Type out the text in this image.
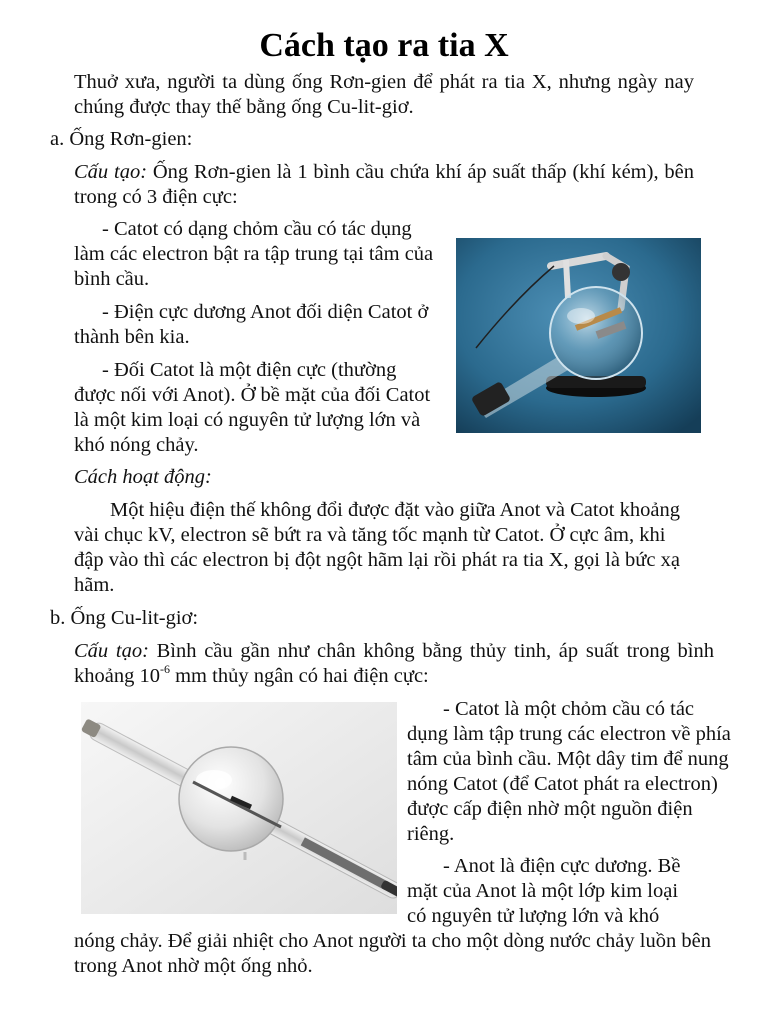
Cách tạo ra tia X

Thuở xưa, người ta dùng ống Rơn-gien để phát ra tia X, nhưng ngày nay chúng được thay thế bằng ống Cu-lit-giơ.

a. Ống Rơn-gien:

Cấu tạo: Ống Rơn-gien là 1 bình cầu chứa khí áp suất thấp (khí kém), bên trong có 3 điện cực:

- Catot có dạng chỏm cầu có tác dụng làm các electron bật ra tập trung tại tâm của bình cầu.

- Điện cực dương Anot đối diện Catot ở thành bên kia.

- Đối Catot là một điện cực (thường được nối với Anot). Ở bề mặt của đối Catot là một kim loại có nguyên tử lượng lớn và khó nóng chảy.

Cách hoạt động:

Một hiệu điện thế không đổi được đặt vào giữa Anot và Catot khoảng vài chục kV, electron sẽ bứt ra và tăng tốc mạnh từ Catot. Ở cực âm, khi đập vào thì các electron bị đột ngột hãm lại rồi phát ra tia X, gọi là bức xạ hãm.

b. Ống Cu-lit-giơ:

Cấu tạo: Bình cầu gần như chân không bằng thủy tinh, áp suất trong bình khoảng $10^{-6}$ mm thủy ngân có hai điện cực:

- Catot là một chỏm cầu có tác dụng làm tập trung các electron về phía tâm của bình cầu. Một dây tim để nung nóng Catot (để Catot phát ra electron) được cấp điện nhờ một nguồn điện riêng.

- Anot là điện cực dương. Bề
mặt của Anot là một lớp kim loại
có nguyên tử lượng lớn và khó

nóng chảy. Để giải nhiệt cho Anot người ta cho một dòng nước chảy luồn bên trong Anot nhờ một ống nhỏ.
